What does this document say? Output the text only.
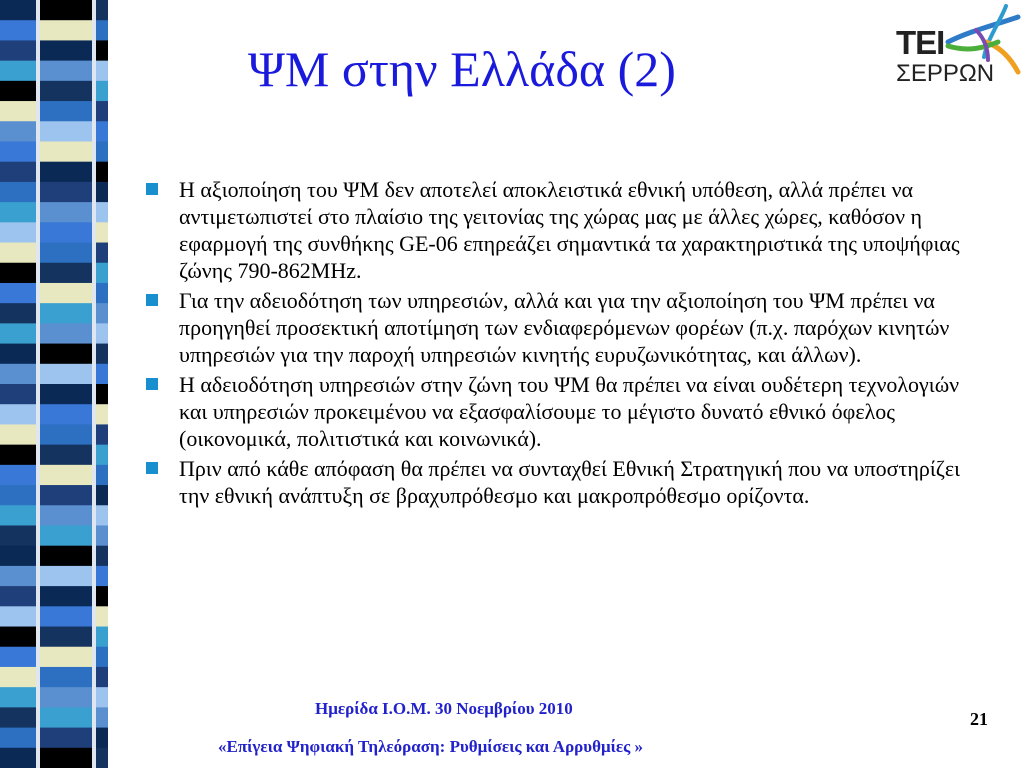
ΨΜ στην Ελλάδα (2)	ΤΕΙ
ΣΕΡΡΩΝ
Η αξιοποίηση του ΨΜ δεν αποτελεί αποκλειστικά εθνική υπόθεση, αλλά πρέπει να αντιμετωπιστεί στο πλαίσιο της γειτονίας της χώρας μας με άλλες χώρες, καθόσον η εφαρμογή της συνθήκης GE-06 επηρεάζει σημαντικά τα χαρακτηριστικά της υποψήφιας ζώνης 790-862MHz.
Για την αδειοδότηση των υπηρεσιών, αλλά και για την αξιοποίηση του ΨΜ πρέπει να προηγηθεί προσεκτική αποτίμηση των ενδιαφερόμενων φορέων (π.χ. παρόχων κινητών υπηρεσιών για την παροχή υπηρεσιών κινητής ευρυζωνικότητας, και άλλων).
Η αδειοδότηση υπηρεσιών στην ζώνη του ΨΜ θα πρέπει να είναι ουδέτερη τεχνολογιών και υπηρεσιών προκειμένου να εξασφαλίσουμε το μέγιστο δυνατό εθνικό όφελος (οικονομικά, πολιτιστικά και κοινωνικά).
Πριν από κάθε απόφαση θα πρέπει να συνταχθεί Εθνική Στρατηγική που να υποστηρίζει την εθνική ανάπτυξη σε βραχυπρόθεσμο και μακροπρόθεσμο ορίζοντα.
Ημερίδα Ι.Ο.Μ. 30 Νοεμβρίου 2010
«Επίγεια Ψηφιακή Τηλεόραση: Ρυθμίσεις και Αρρυθμίες »
21
